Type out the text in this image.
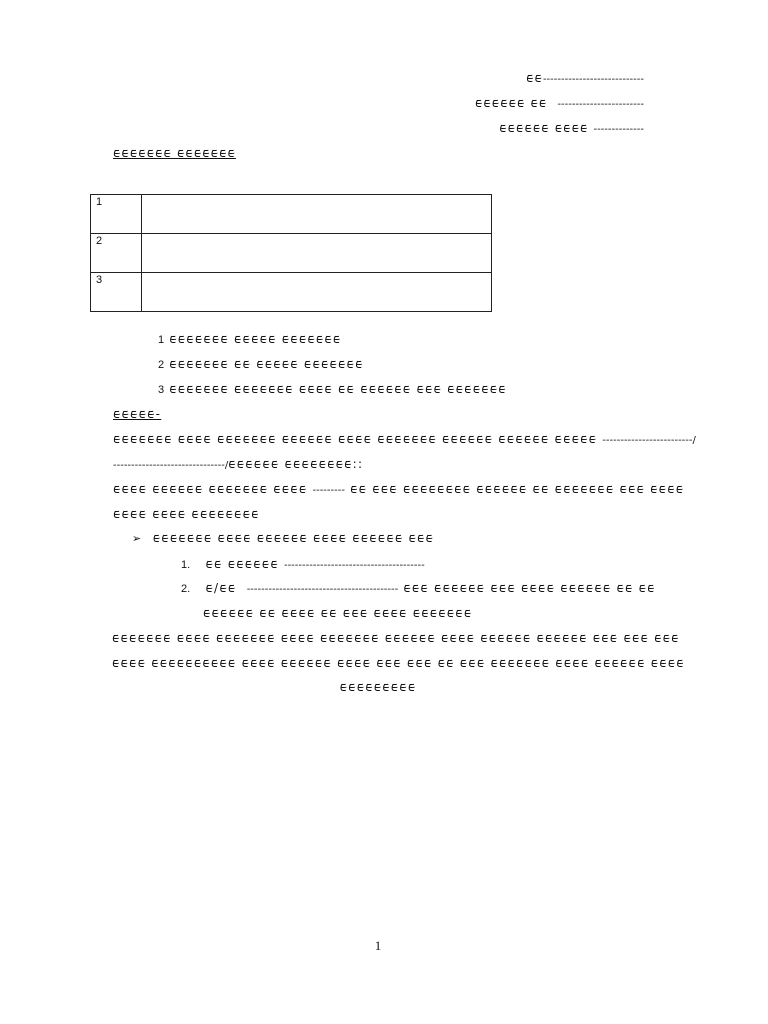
ᰀᰀ----------------------------
ᰀᰀᰀᰀᰀᰀ ᰀᰀ ------------------------
ᰀᰀᰀᰀᰀᰀ ᰀᰀᰀᰀ --------------
ᰀᰀᰀᰀᰀᰀᰀ ᰀᰀᰀᰀᰀᰀᰀ
1	
2	
3	
1 ᰀᰀᰀᰀᰀᰀᰀ ᰀᰀᰀᰀᰀ ᰀᰀᰀᰀᰀᰀᰀ
2 ᰀᰀᰀᰀᰀᰀᰀ ᰀᰀ ᰀᰀᰀᰀᰀ ᰀᰀᰀᰀᰀᰀᰀ
3 ᰀᰀᰀᰀᰀᰀᰀ ᰀᰀᰀᰀᰀᰀᰀ ᰀᰀᰀᰀ ᰀᰀ ᰀᰀᰀᰀᰀᰀ ᰀᰀᰀ ᰀᰀᰀᰀᰀᰀᰀ
ᰀᰀᰀᰀᰀ-
ᰀᰀᰀᰀᰀᰀᰀ ᰀᰀᰀᰀ ᰀᰀᰀᰀᰀᰀᰀ ᰀᰀᰀᰀᰀᰀ ᰀᰀᰀᰀ ᰀᰀᰀᰀᰀᰀᰀ ᰀᰀᰀᰀᰀᰀ ᰀᰀᰀᰀᰀᰀ ᰀᰀᰀᰀᰀ -------------------------/
-------------------------------/ᰀᰀᰀᰀᰀᰀ ᰀᰀᰀᰀᰀᰀᰀᰀ::
ᰀᰀᰀᰀ ᰀᰀᰀᰀᰀᰀ ᰀᰀᰀᰀᰀᰀᰀ ᰀᰀᰀᰀ --------- ᰀᰀ ᰀᰀᰀ ᰀᰀᰀᰀᰀᰀᰀᰀ ᰀᰀᰀᰀᰀᰀ ᰀᰀ ᰀᰀᰀᰀᰀᰀᰀ ᰀᰀᰀ ᰀᰀᰀᰀ
ᰀᰀᰀᰀ ᰀᰀᰀᰀ ᰀᰀᰀᰀᰀᰀᰀᰀ
➢ ᰀᰀᰀᰀᰀᰀᰀ ᰀᰀᰀᰀ ᰀᰀᰀᰀᰀᰀ ᰀᰀᰀᰀ ᰀᰀᰀᰀᰀᰀ ᰀᰀᰀ
1. ᰀᰀ ᰀᰀᰀᰀᰀᰀ ---------------------------------------
2. ᰀ/ᰀᰀ ------------------------------------------ ᰀᰀᰀ ᰀᰀᰀᰀᰀᰀ ᰀᰀᰀ ᰀᰀᰀᰀ ᰀᰀᰀᰀᰀᰀ ᰀᰀ ᰀᰀ
ᰀᰀᰀᰀᰀᰀ ᰀᰀ ᰀᰀᰀᰀ ᰀᰀ ᰀᰀᰀ ᰀᰀᰀᰀ ᰀᰀᰀᰀᰀᰀᰀ
ᰀᰀᰀᰀᰀᰀᰀ ᰀᰀᰀᰀ ᰀᰀᰀᰀᰀᰀᰀ ᰀᰀᰀᰀ ᰀᰀᰀᰀᰀᰀᰀ ᰀᰀᰀᰀᰀᰀ ᰀᰀᰀᰀ ᰀᰀᰀᰀᰀᰀ ᰀᰀᰀᰀᰀᰀ ᰀᰀᰀ ᰀᰀᰀ ᰀᰀᰀ
ᰀᰀᰀᰀ ᰀᰀᰀᰀᰀᰀᰀᰀᰀᰀ ᰀᰀᰀᰀ ᰀᰀᰀᰀᰀᰀ ᰀᰀᰀᰀ ᰀᰀᰀ ᰀᰀᰀ ᰀᰀ ᰀᰀᰀ ᰀᰀᰀᰀᰀᰀᰀ ᰀᰀᰀᰀ ᰀᰀᰀᰀᰀᰀ ᰀᰀᰀᰀ
ᰀᰀᰀᰀᰀᰀᰀᰀᰀ
1
